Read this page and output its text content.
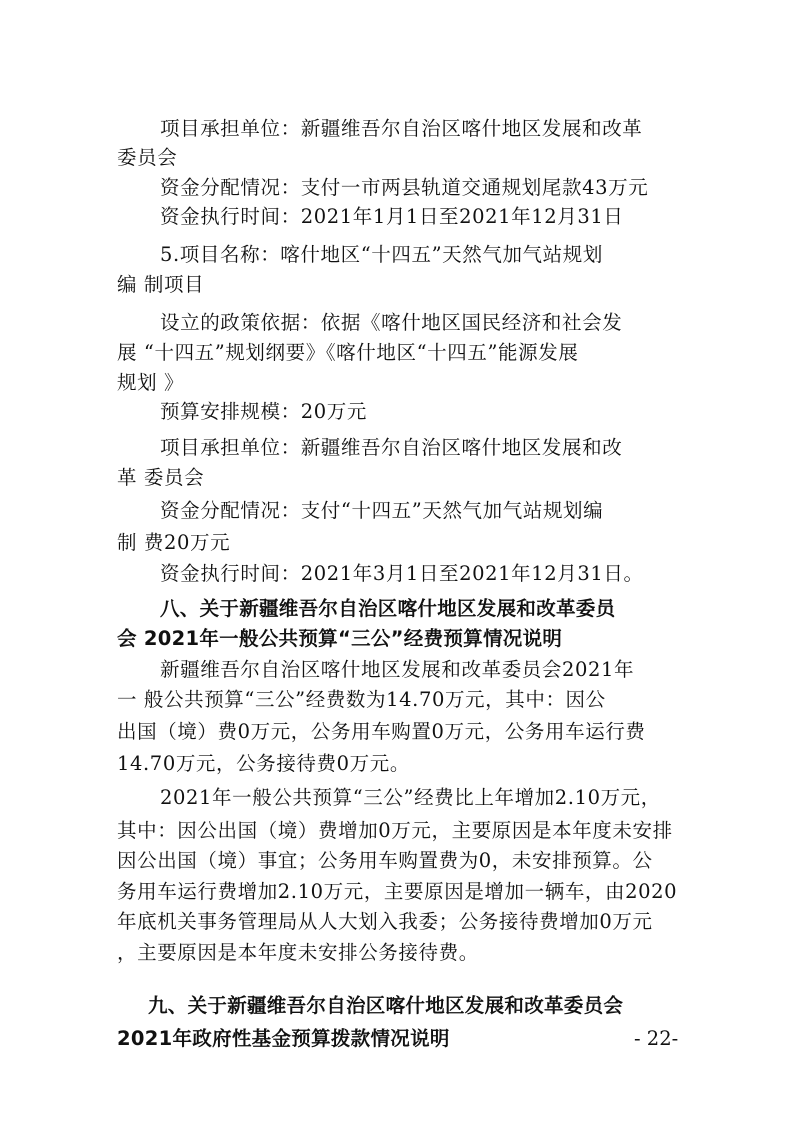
项目承担单位：新疆维吾尔自治区喀什地区发展和改革
委员会
资金分配情况：支付一市两县轨道交通规划尾款43万元
资金执行时间：2021年1月1日至2021年12月31日
5.项目名称：喀什地区“十四五”天然气加气站规划
编 制项目
设立的政策依据：依据《喀什地区国民经济和社会发
展 “十四五”规划纲要》《喀什地区“十四五”能源发展
规划 》
预算安排规模：20万元
项目承担单位：新疆维吾尔自治区喀什地区发展和改
革 委员会
资金分配情况：支付“十四五”天然气加气站规划编
制 费20万元
资金执行时间：2021年3月1日至2021年12月31日。
八、关于新疆维吾尔自治区喀什地区发展和改革委员
会 2021年一般公共预算“三公”经费预算情况说明
新疆维吾尔自治区喀什地区发展和改革委员会2021年
一 般公共预算“三公”经费数为14.70万元，其中：因公
出国（境）费0万元，公务用车购置0万元，公务用车运行费
14.70万元，公务接待费0万元。
2021年一般公共预算“三公”经费比上年增加2.10万元，
其中：因公出国（境）费增加0万元，主要原因是本年度未安排
因公出国（境）事宜；公务用车购置费为0，未安排预算。公
务用车运行费增加2.10万元，主要原因是增加一辆车，由2020
年底机关事务管理局从人大划入我委；公务接待费增加0万元
，主要原因是本年度未安排公务接待费。
九、关于新疆维吾尔自治区喀什地区发展和改革委员会
2021年政府性基金预算拨款情况说明	- 22-
